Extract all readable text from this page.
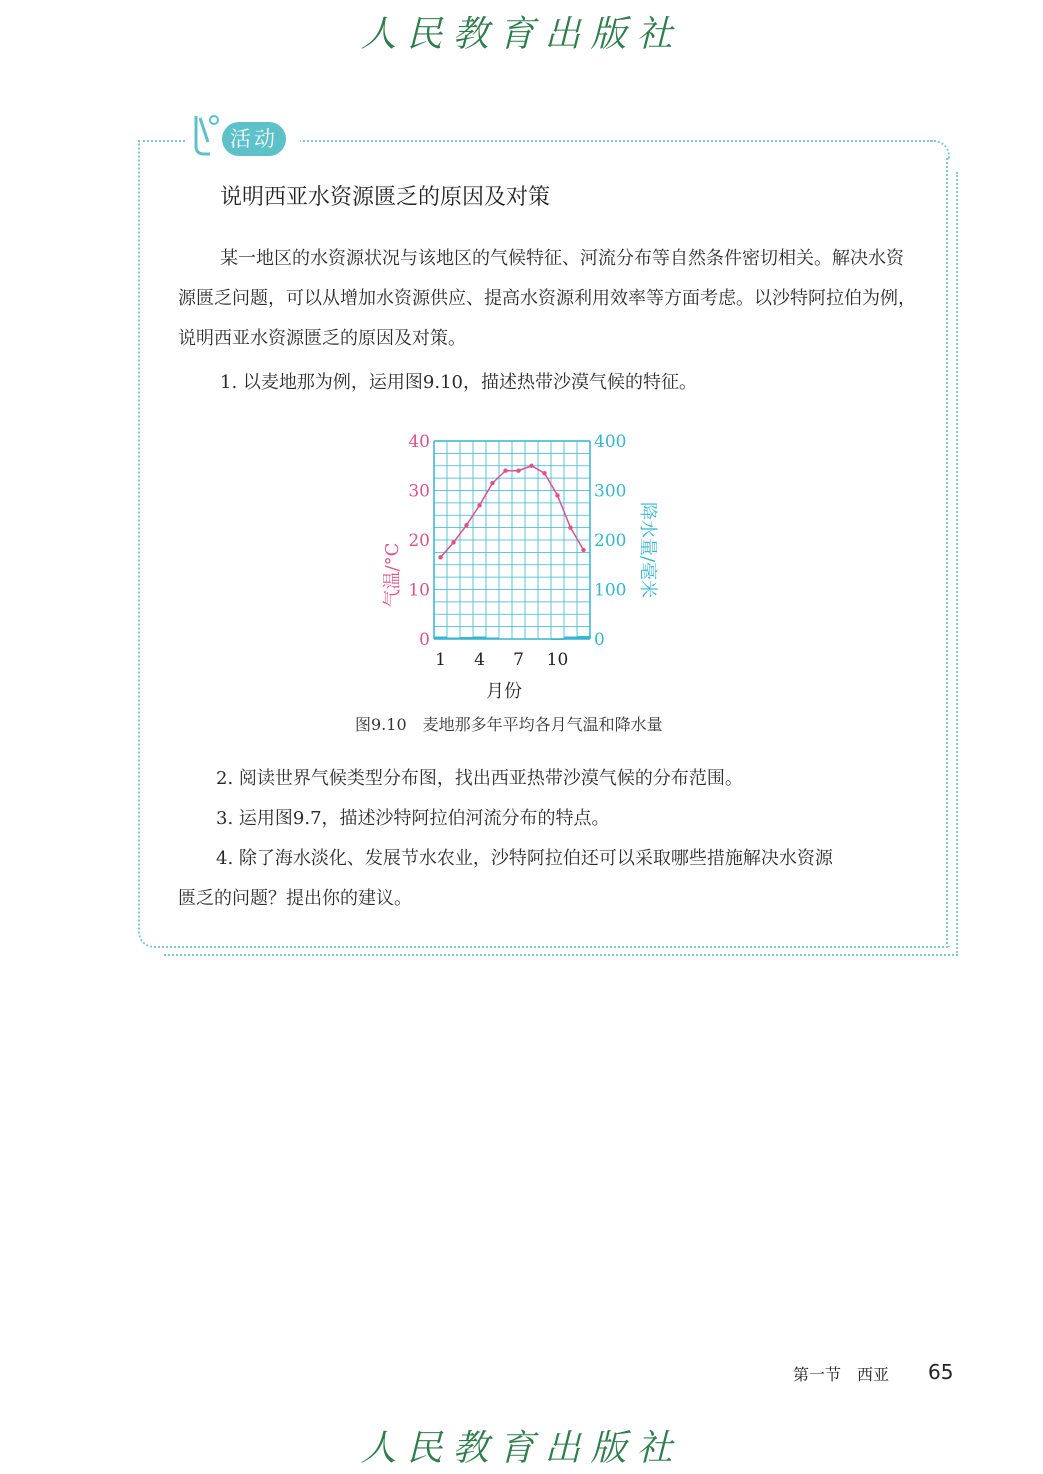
人民教育出版社
活动
说明西亚水资源匮乏的原因及对策

某一地区的水资源状况与该地区的气候特征、河流分布等自然条件密切相关。解决水资源匮乏问题，可以从增加水资源供应、提高水资源利用效率等方面考虑。以沙特阿拉伯为例，说明西亚水资源匮乏的原因及对策。

1. 以麦地那为例，运用图9.10，描述热带沙漠气候的特征。
0
10
20
30
40
0
100
200
300
400
1 4 7 10
气温/°C	降水量/毫米
月份
图9.10　麦地那多年平均各月气温和降水量
2. 阅读世界气候类型分布图，找出西亚热带沙漠气候的分布范围。
3. 运用图9.7，描述沙特阿拉伯河流分布的特点。
4. 除了海水淡化、发展节水农业，沙特阿拉伯还可以采取哪些措施解决水资源
匮乏的问题？提出你的建议。
第一节　西亚 65
人民教育出版社
